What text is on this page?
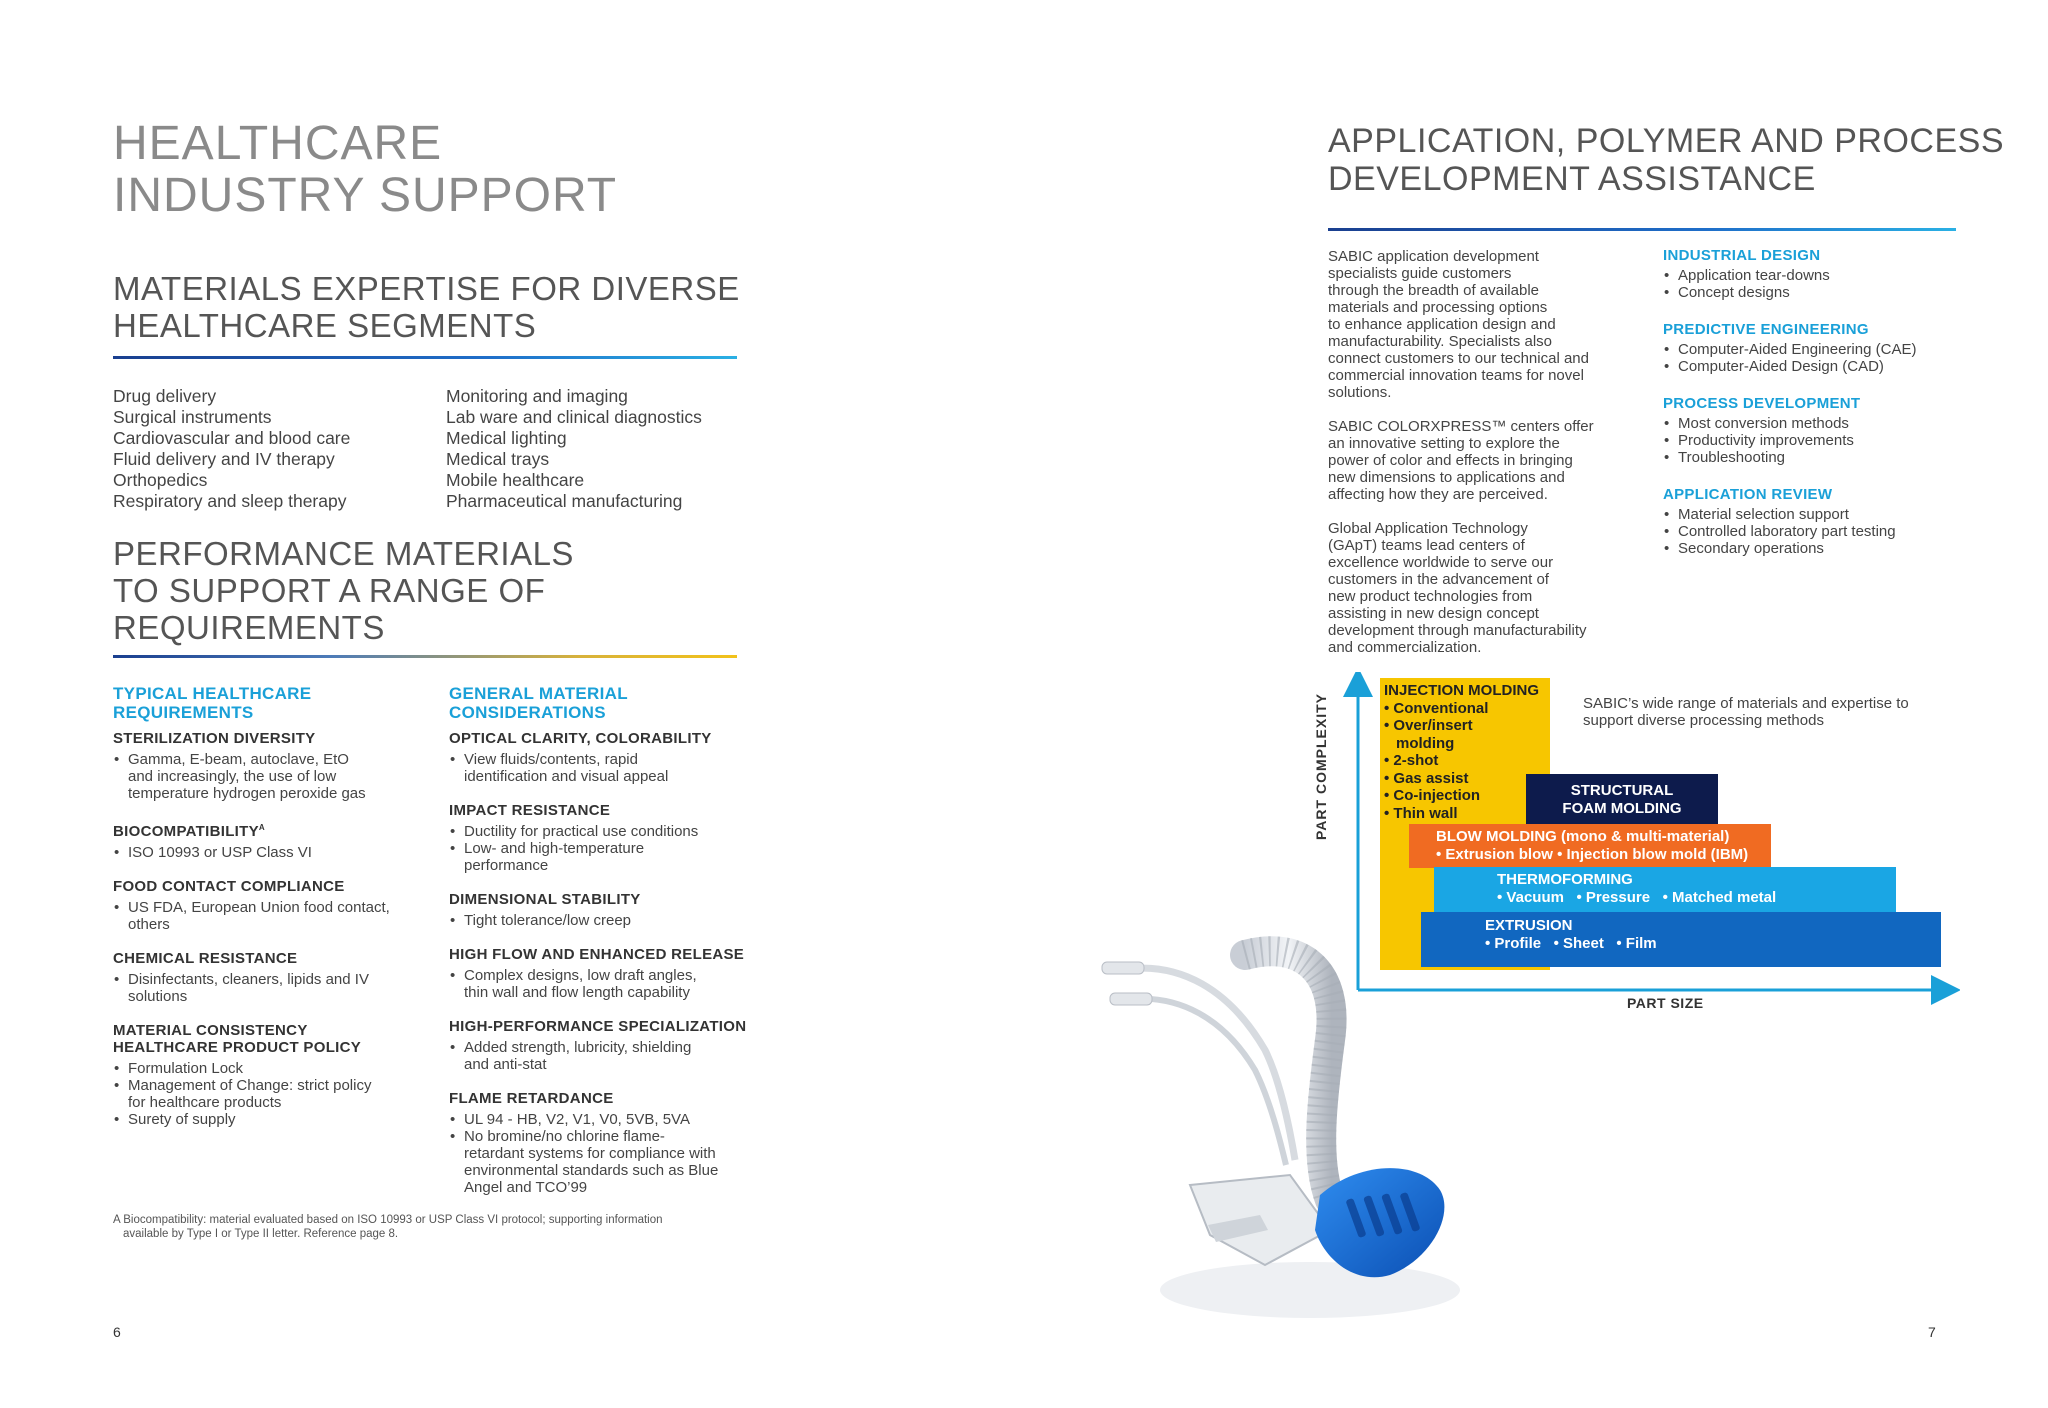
HEALTHCARE
INDUSTRY SUPPORT
MATERIALS EXPERTISE FOR DIVERSE
HEALTHCARE SEGMENTS
Drug delivery
Surgical instruments
Cardiovascular and blood care
Fluid delivery and IV therapy
Orthopedics
Respiratory and sleep therapy
Monitoring and imaging
Lab ware and clinical diagnostics
Medical lighting
Medical trays
Mobile healthcare
Pharmaceutical manufacturing
PERFORMANCE MATERIALS
TO SUPPORT A RANGE OF
REQUIREMENTS
TYPICAL HEALTHCARE
REQUIREMENTS
STERILIZATION DIVERSITY
• Gamma, E-beam, autoclave, EtO
and increasingly, the use of low
temperature hydrogen peroxide gas
$BIOCOMPATIBILITY^A$
• ISO 10993 or USP Class VI
FOOD CONTACT COMPLIANCE
• US FDA, European Union food contact,
others
CHEMICAL RESISTANCE
• Disinfectants, cleaners, lipids and IV
solutions
MATERIAL CONSISTENCY
HEALTHCARE PRODUCT POLICY
• Formulation Lock
• Management of Change: strict policy
for healthcare products
• Surety of supply
GENERAL MATERIAL
CONSIDERATIONS
OPTICAL CLARITY, COLORABILITY
• View fluids/contents, rapid
identification and visual appeal
IMPACT RESISTANCE
• Ductility for practical use conditions
• Low- and high-temperature
performance
DIMENSIONAL STABILITY
• Tight tolerance/low creep
HIGH FLOW AND ENHANCED RELEASE
• Complex designs, low draft angles,
thin wall and flow length capability
HIGH-PERFORMANCE SPECIALIZATION
• Added strength, lubricity, shielding
and anti-stat
FLAME RETARDANCE
• UL 94 - HB, V2, V1, V0, 5VB, 5VA
• No bromine/no chlorine flame-
retardant systems for compliance with
environmental standards such as Blue
Angel and TCO’99
A Biocompatibility: material evaluated based on ISO 10993 or USP Class VI protocol; supporting information
available by Type I or Type II letter. Reference page 8.
6
APPLICATION, POLYMER AND PROCESS
DEVELOPMENT ASSISTANCE
SABIC application development
specialists guide customers
through the breadth of available
materials and processing options
to enhance application design and
manufacturability. Specialists also
connect customers to our technical and
commercial innovation teams for novel
solutions.
SABIC COLORXPRESS™ centers offer
an innovative setting to explore the
power of color and effects in bringing
new dimensions to applications and
affecting how they are perceived.
Global Application Technology
(GApT) teams lead centers of
excellence worldwide to serve our
customers in the advancement of
new product technologies from
assisting in new design concept
development through manufacturability
and commercialization.
INDUSTRIAL DESIGN
• Application tear-downs
• Concept designs
PREDICTIVE ENGINEERING
• Computer-Aided Engineering (CAE)
• Computer-Aided Design (CAD)
PROCESS DEVELOPMENT
• Most conversion methods
• Productivity improvements
• Troubleshooting
APPLICATION REVIEW
• Material selection support
• Controlled laboratory part testing
• Secondary operations
PART COMPLEXITY
PART SIZE
SABIC’s wide range of materials and expertise to
support diverse processing methods
INJECTION MOLDING
• Conventional
• Over/insert
molding
• 2-shot
• Gas assist
• Co-injection
• Thin wall
STRUCTURAL
FOAM MOLDING
BLOW MOLDING (mono & multi-material)
• Extrusion blow • Injection blow mold (IBM)
THERMOFORMING
• Vacuum   • Pressure   • Matched metal
EXTRUSION
• Profile   • Sheet   • Film
7
